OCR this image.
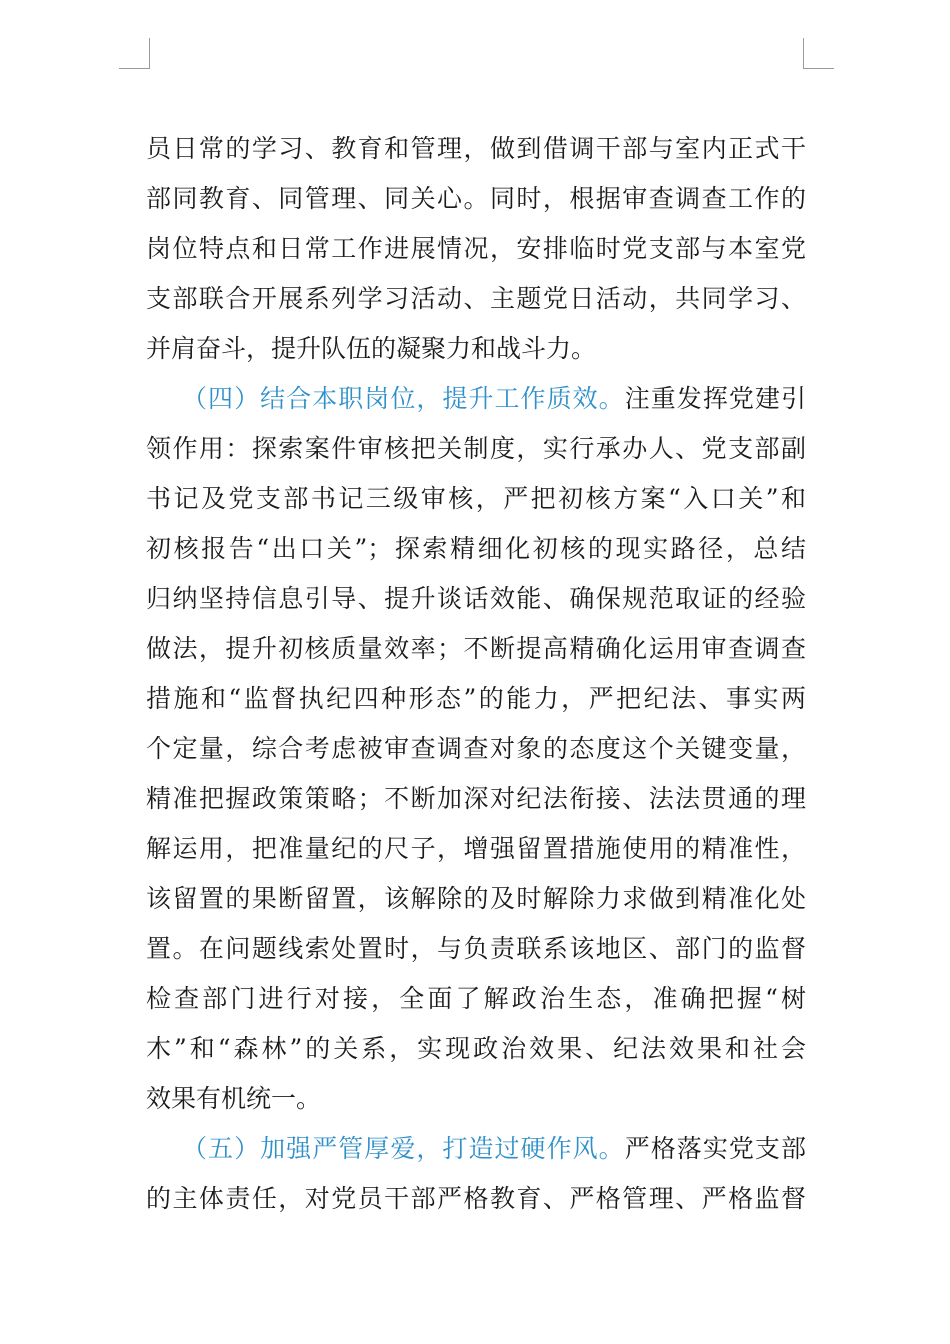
员日常的学习、教育和管理，做到借调干部与室内正式干
部同教育、同管理、同关心。同时，根据审查调查工作的
岗位特点和日常工作进展情况，安排临时党支部与本室党
支部联合开展系列学习活动、主题党日活动，共同学习、
并肩奋斗，提升队伍的凝聚力和战斗力。
（四）结合本职岗位，提升工作质效。注重发挥党建引
领作用：探索案件审核把关制度，实行承办人、党支部副
书记及党支部书记三级审核，严把初核方案“入口关”和
初核报告“出口关”；探索精细化初核的现实路径，总结
归纳坚持信息引导、提升谈话效能、确保规范取证的经验
做法，提升初核质量效率；不断提高精确化运用审查调查
措施和“监督执纪四种形态”的能力，严把纪法、事实两
个定量，综合考虑被审查调查对象的态度这个关键变量，
精准把握政策策略；不断加深对纪法衔接、法法贯通的理
解运用，把准量纪的尺子，增强留置措施使用的精准性，
该留置的果断留置，该解除的及时解除力求做到精准化处
置。在问题线索处置时，与负责联系该地区、部门的监督
检查部门进行对接，全面了解政治生态，准确把握“树
木”和“森林”的关系，实现政治效果、纪法效果和社会
效果有机统一。
（五）加强严管厚爱，打造过硬作风。严格落实党支部
的主体责任，对党员干部严格教育、严格管理、严格监督
